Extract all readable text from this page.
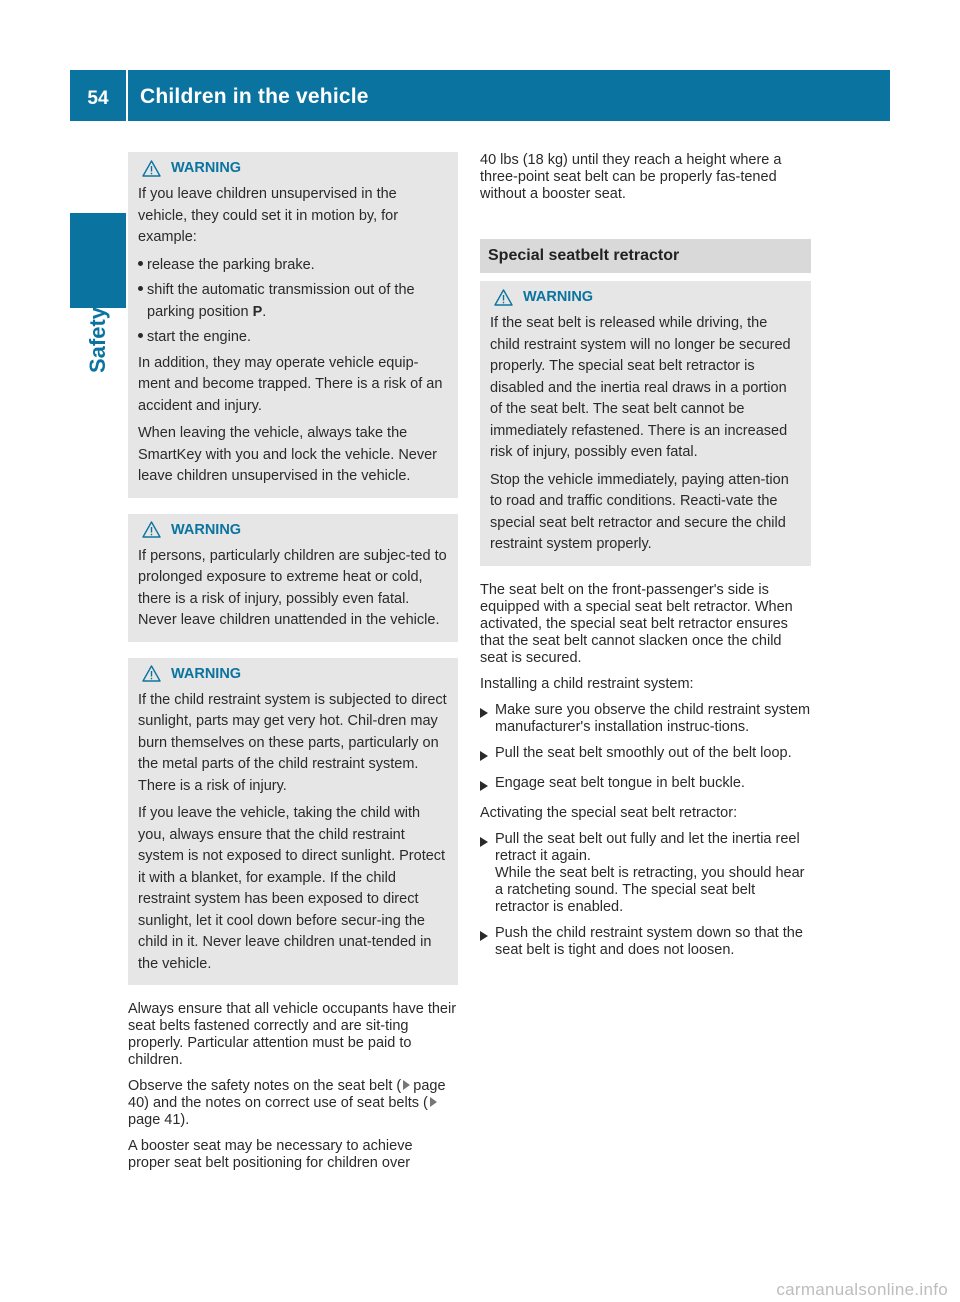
54	Children in the vehicle
Safety
WARNING

If you leave children unsupervised in the vehicle, they could set it in motion by, for example:

release the parking brake.
shift the automatic transmission out of the parking position P.
start the engine.

In addition, they may operate vehicle equip-ment and become trapped. There is a risk of an accident and injury.

When leaving the vehicle, always take the SmartKey with you and lock the vehicle. Never leave children unsupervised in the vehicle.

WARNING

If persons, particularly children are subjec-ted to prolonged exposure to extreme heat or cold, there is a risk of injury, possibly even fatal. Never leave children unattended in the vehicle.

WARNING

If the child restraint system is subjected to direct sunlight, parts may get very hot. Chil-dren may burn themselves on these parts, particularly on the metal parts of the child restraint system. There is a risk of injury.

If you leave the vehicle, taking the child with you, always ensure that the child restraint system is not exposed to direct sunlight. Protect it with a blanket, for example. If the child restraint system has been exposed to direct sunlight, let it cool down before secur-ing the child in it. Never leave children unat-tended in the vehicle.

Always ensure that all vehicle occupants have their seat belts fastened correctly and are sit-ting properly. Particular attention must be paid to children.

Observe the safety notes on the seat belt ( page 40) and the notes on correct use of seat belts (page 41).

A booster seat may be necessary to achieve proper seat belt positioning for children over

40 lbs (18 kg) until they reach a height where a three-point seat belt can be properly fas-tened without a booster seat.

Special seatbelt retractor
WARNING

If the seat belt is released while driving, the child restraint system will no longer be secured properly. The special seat belt retractor is disabled and the inertia real draws in a portion of the seat belt. The seat belt cannot be immediately refastened. There is an increased risk of injury, possibly even fatal.

Stop the vehicle immediately, paying atten-tion to road and traffic conditions. Reacti-vate the special seat belt retractor and secure the child restraint system properly.

The seat belt on the front-passenger's side is equipped with a special seat belt retractor. When activated, the special seat belt retractor ensures that the seat belt cannot slacken once the child seat is secured.

Installing a child restraint system:

Make sure you observe the child restraint system manufacturer's installation instruc-tions.

Pull the seat belt smoothly out of the belt loop.

Engage seat belt tongue in belt buckle.

Activating the special seat belt retractor:

Pull the seat belt out fully and let the inertia reel retract it again.

While the seat belt is retracting, you should hear a ratcheting sound. The special seat belt retractor is enabled.

Push the child restraint system down so that the seat belt is tight and does not loosen.

carmanualsonline.info
